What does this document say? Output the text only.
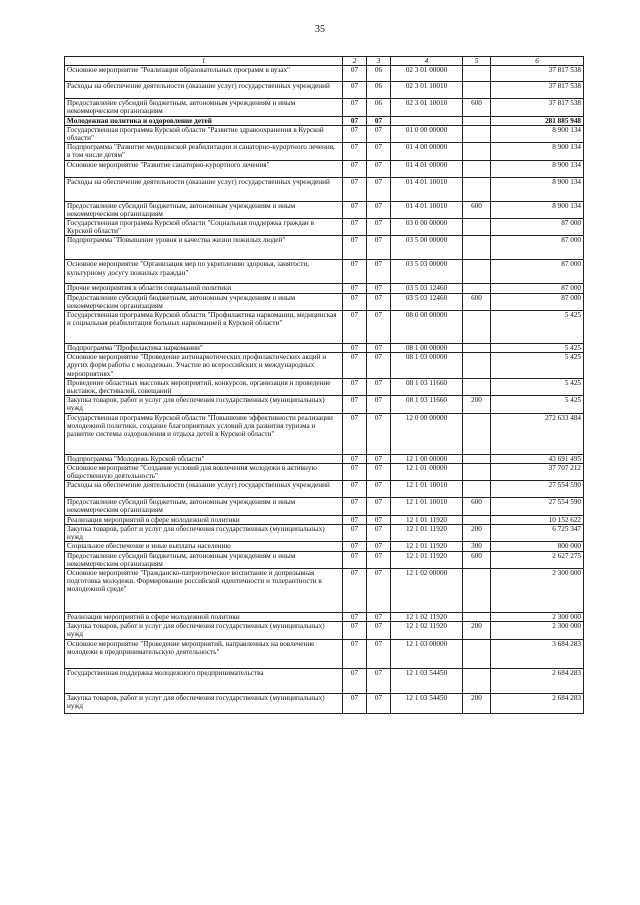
35
1	2	3	4	5	6
Основное мероприятие "Реализация образовательных программ в вузах"	07	06	02 3 01 00000		37 817 538
Расходы на обеспечение деятельности (оказание услуг) государственных учреждений	07	06	02 3 01 10010		37 817 538
Предоставление субсидий бюджетным, автономным учреждениям и иным некоммерческим организациям	07	06	02 3 01 10010	600	37 817 538
Молодежная политика и оздоровление детей	07	07			281 885 948
Государственная программа Курской области "Развитие здравоохранения в Курской области"	07	07	01 0 00 00000		8 900 134
Подпрограмма "Развитие медицинской реабилитации и санаторно-курортного лечения, в том числе детям"	07	07	01 4 00 00000		8 900 134
Основное мероприятие "Развитие санаторно-курортного лечения"	07	07	01 4 01 00000		8 900 134
Расходы на обеспечение деятельности (оказание услуг) государственных учреждений	07	07	01 4 01 10010		8 900 134
Предоставление субсидий бюджетным, автономным учреждениям и иным некоммерческим организациям	07	07	01 4 01 10010	600	8 900 134
Государственная программа Курской области "Социальная поддержка граждан в Курской области"	07	07	03 0 00 00000		87 000
Подпрограмма "Повышение уровня и качества жизни пожилых людей"	07	07	03 5 00 00000		87 000
Основное мероприятие "Организация мер по укреплению здоровья, занятости, культурному досугу пожилых граждан"	07	07	03 5 03 00000		87 000
Прочие мероприятия в области социальной политики	07	07	03 5 03 12460		87 000
Предоставление субсидий бюджетным, автономным учреждениям и иным некоммерческим организациям	07	07	03 5 03 12460	600	87 000
Государственная программа Курской области "Профилактика наркомании, медицинская и социальная реабилитация больных наркоманией в Курской области"	07	07	08 0 00 00000		5 425
Подпрограмма "Профилактика наркомании"	07	07	08 1 00 00000		5 425
Основное мероприятие "Проведение антинаркотических профилактических акций и других форм работы с молодежью. Участие во всероссийских и международных мероприятиях"	07	07	08 1 03 00000		5 425
Проведение областных массовых мероприятий, конкурсов, организация и проведение выставок, фестивалей, совещаний	07	07	08 1 03 11660		5 425
Закупка товаров, работ и услуг для обеспечения государственных (муниципальных) нужд	07	07	08 1 03 11660	200	5 425
Государственная программа Курской области "Повышение эффективности реализации молодежной политики, создание благоприятных условий для развития туризма и развитие системы оздоровления и отдыха детей в Курской области"	07	07	12 0 00 00000		272 633 484
Подпрограмма "Молодежь Курской области"	07	07	12 1 00 00000		43 691 495
Основное мероприятие "Создание условий для вовлечения молодежи в активную общественную деятельность"	07	07	12 1 01 00000		37 707 212
Расходы на обеспечение деятельности (оказание услуг) государственных учреждений	07	07	12 1 01 10010		27 554 590
Предоставление субсидий бюджетным, автономным учреждениям и иным некоммерческим организациям	07	07	12 1 01 10010	600	27 554 590
Реализация мероприятий в сфере молодежной политики	07	07	12 1 01 11920		10 152 622
Закупка товаров, работ и услуг для обеспечения государственных (муниципальных) нужд	07	07	12 1 01 11920	200	6 725 347
Социальное обеспечение и иные выплаты населению	07	07	12 1 01 11920	300	800 000
Предоставление субсидий бюджетным, автономным учреждениям и иным некоммерческим организациям	07	07	12 1 01 11920	600	2 627 275
Основное мероприятие "Гражданско-патриотическое воспитание и допризывная подготовка молодежи. Формирование российской идентичности и толерантности в молодежной среде"	07	07	12 1 02 00000		2 300 000
Реализация мероприятий в сфере молодежной политики	07	07	12 1 02 11920		2 300 000
Закупка товаров, работ и услуг для обеспечения государственных (муниципальных) нужд	07	07	12 1 02 11920	200	2 300 000
Основное мероприятие "Проведение мероприятий, направленных на вовлечение молодежи в предпринимательскую деятельность"	07	07	12 1 03 00000		3 684 283
Государственная поддержка молодежного предпринимательства	07	07	12 1 03 54450		2 684 283
Закупка товаров, работ и услуг для обеспечения государственных (муниципальных) нужд	07	07	12 1 03 54450	200	2 684 283
